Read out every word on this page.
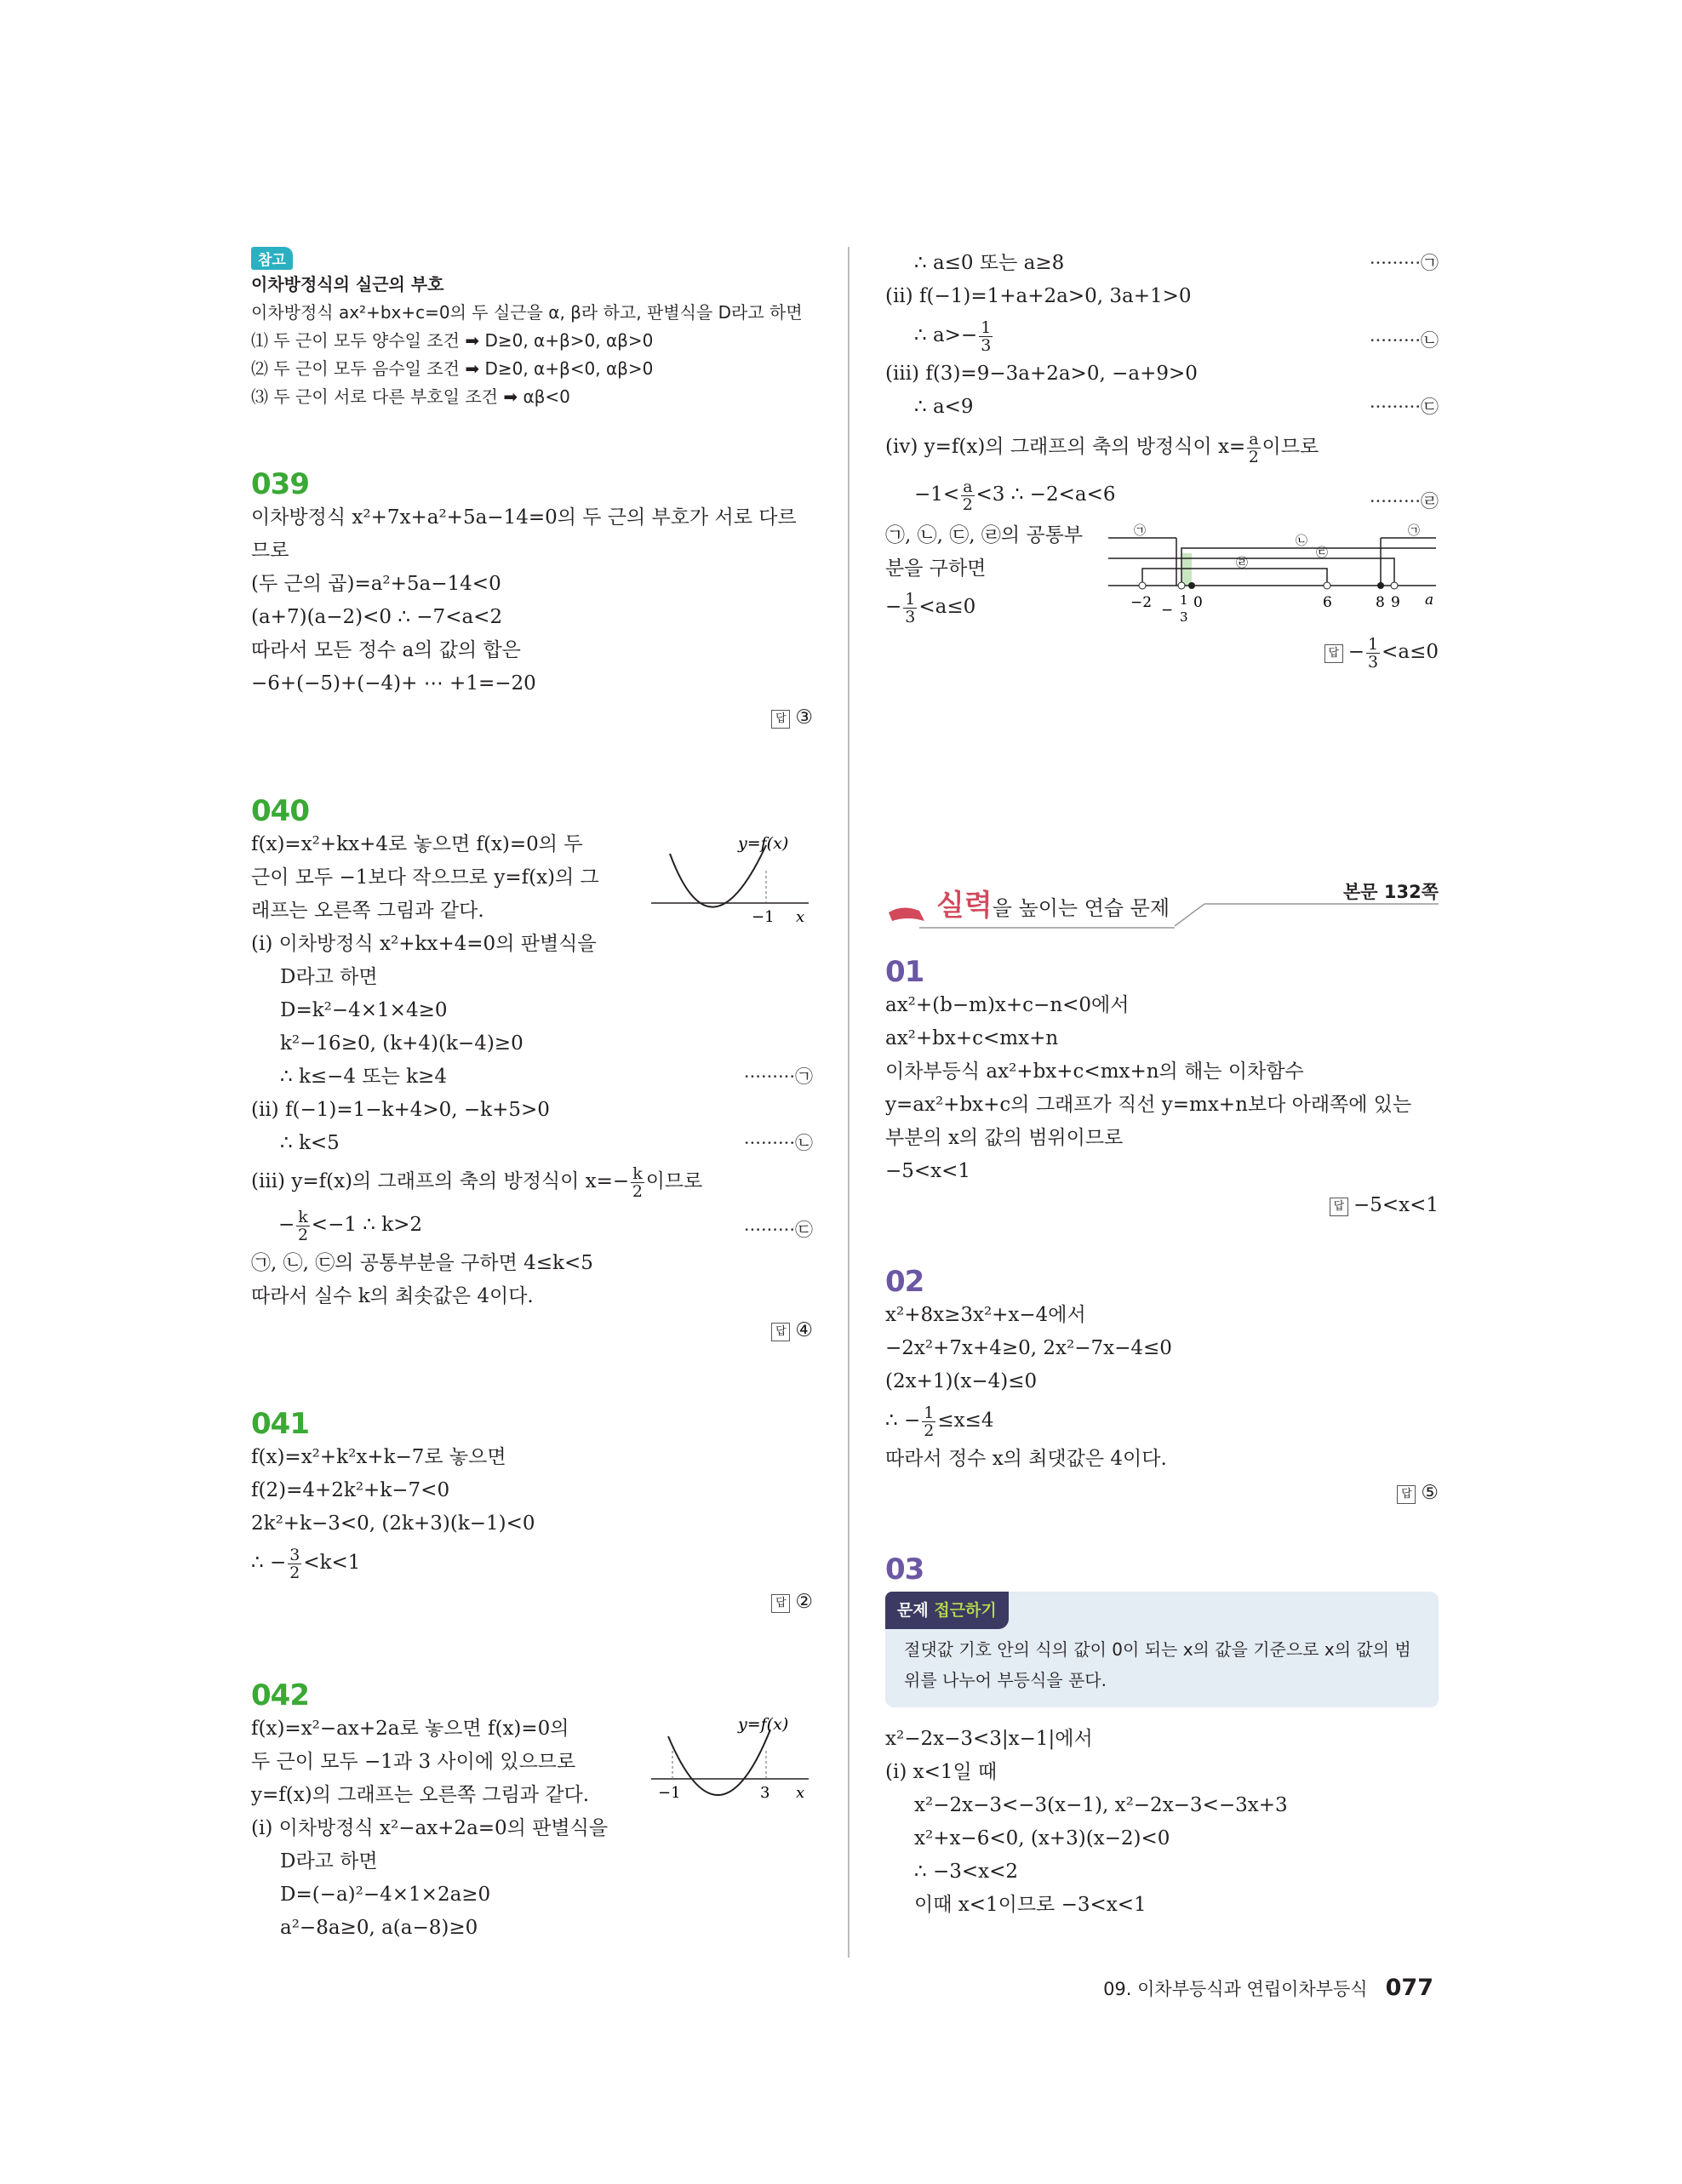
참고
이차방정식의 실근의 부호
이차방정식 ax²+bx+c=0의 두 실근을 α, β라 하고, 판별식을 D라고 하면
⑴ 두 근이 모두 양수일 조건 ➡ D≥0, α+β>0, αβ>0
⑵ 두 근이 모두 음수일 조건 ➡ D≥0, α+β<0, αβ>0
⑶ 두 근이 서로 다른 부호일 조건 ➡ αβ<0
039
이차방정식 x²+7x+a²+5a−14=0의 두 근의 부호가 서로 다르
므로
(두 근의 곱)=a²+5a−14<0
(a+7)(a−2)<0 ∴ −7<a<2
따라서 모든 정수 a의 값의 합은
−6+(−5)+(−4)+ ⋯ +1=−20
답 ③
040
y=f(x)
−1 x
f(x)=x²+kx+4로 놓으면 f(x)=0의 두
근이 모두 −1보다 작으므로 y=f(x)의 그
래프는 오른쪽 그림과 같다.
(ⅰ) 이차방정식 x²+kx+4=0의 판별식을
D라고 하면
D=k²−4×1×4≥0
k²−16≥0, (k+4)(k−4)≥0
∴ k≤−4 또는 k≥4	·········㉠
(ⅱ) f(−1)=1−k+4>0, −k+5>0
∴ k<5	·········㉡
(ⅲ) y=f(x)의 그래프의 축의 방정식이 $x=- \frac{k}{2}$ 이므로
− $\frac{k}{2} <-1$ ∴ k>2	·········㉢
㉠, ㉡, ㉢의 공통부분을 구하면 4≤k<5
따라서 실수 k의 최솟값은 4이다.
답 ④
041
f(x)=x²+k²x+k−7로 놓으면
f(2)=4+2k²+k−7<0
2k²+k−3<0, (2k+3)(k−1)<0
∴ − $\frac{3}{2} <k<1$
답 ②
042
y=f(x)
−1	3 x
f(x)=x²−ax+2a로 놓으면 f(x)=0의
두 근이 모두 −1과 3 사이에 있으므로
y=f(x)의 그래프는 오른쪽 그림과 같다.
(ⅰ) 이차방정식 x²−ax+2a=0의 판별식을
D라고 하면
D=(−a)²−4×1×2a≥0
a²−8a≥0, a(a−8)≥0
∴ a≤0 또는 a≥8	·········㉠
(ⅱ) f(−1)=1+a+2a>0, 3a+1>0
∴ $a>- \frac{1}{3}$	·········㉡
(ⅲ) f(3)=9−3a+2a>0, −a+9>0
∴ a<9	·········㉢
(ⅳ) y=f(x)의 그래프의 축의 방정식이 $x= \frac{a}{2}$ 이므로
$-1< \frac{a}{2} <3$ ∴ −2<a<6	·········㉣
㉠, ㉡, ㉢, ㉣의 공통부
분을 구하면
− $\frac{1}{3} <a\le 0$	−2 −
1
3
0	6	8 9 a
㉠	㉠
㉡
㉢
㉣
답 − $\frac{1}{3} <a\le 0$
실력을 높이는 연습 문제
본문 132쪽
01
ax²+(b−m)x+c−n<0에서
ax²+bx+c<mx+n
이차부등식 ax²+bx+c<mx+n의 해는 이차함수
y=ax²+bx+c의 그래프가 직선 y=mx+n보다 아래쪽에 있는
부분의 x의 값의 범위이므로
−5<x<1
답 −5<x<1
02
x²+8x≥3x²+x−4에서
−2x²+7x+4≥0, 2x²−7x−4≤0
(2x+1)(x−4)≤0
∴ − $\frac{1}{2} \le x\le 4$
따라서 정수 x의 최댓값은 4이다.
답 ⑤
03
문제 접근하기
절댓값 기호 안의 식의 값이 0이 되는 x의 값을 기준으로 x의 값의 범위를 나누어 부등식을 푼다.
x²−2x−3<3|x−1|에서
(ⅰ) x<1일 때
x²−2x−3<−3(x−1), x²−2x−3<−3x+3
x²+x−6<0, (x+3)(x−2)<0
∴ −3<x<2
이때 x<1이므로 −3<x<1
09. 이차부등식과 연립이차부등식 077
